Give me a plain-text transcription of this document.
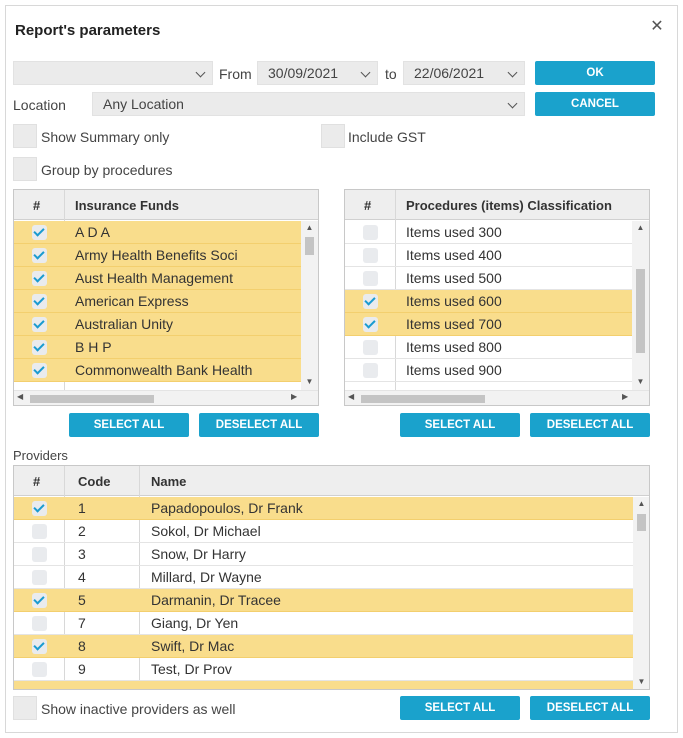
Report's parameters	✕
From	30/09/2021	to	22/06/2021	OK
Location	Any Location	CANCEL
Show Summary only	Include GST
Group by procedures
#	Insurance Funds
A D A
Army Health Benefits Soci
Aust Health Management
American Express
Australian Unity
B H P
Commonwealth Bank Health
▲
▼
◀	▶
SELECT ALL	DESELECT ALL
#	Procedures (items) Classification
Items used 300
Items used 400
Items used 500
Items used 600
Items used 700
Items used 800
Items used 900
▲
▼
◀	▶
SELECT ALL	DESELECT ALL
Providers
#	Code	Name
1	Papadopoulos, Dr Frank
2	Sokol, Dr Michael
3	Snow, Dr Harry
4	Millard, Dr Wayne
5	Darmanin, Dr Tracee
7	Giang, Dr Yen
8	Swift, Dr Mac
9	Test, Dr Prov
▲
▼
Show inactive providers as well	SELECT ALL	DESELECT ALL
